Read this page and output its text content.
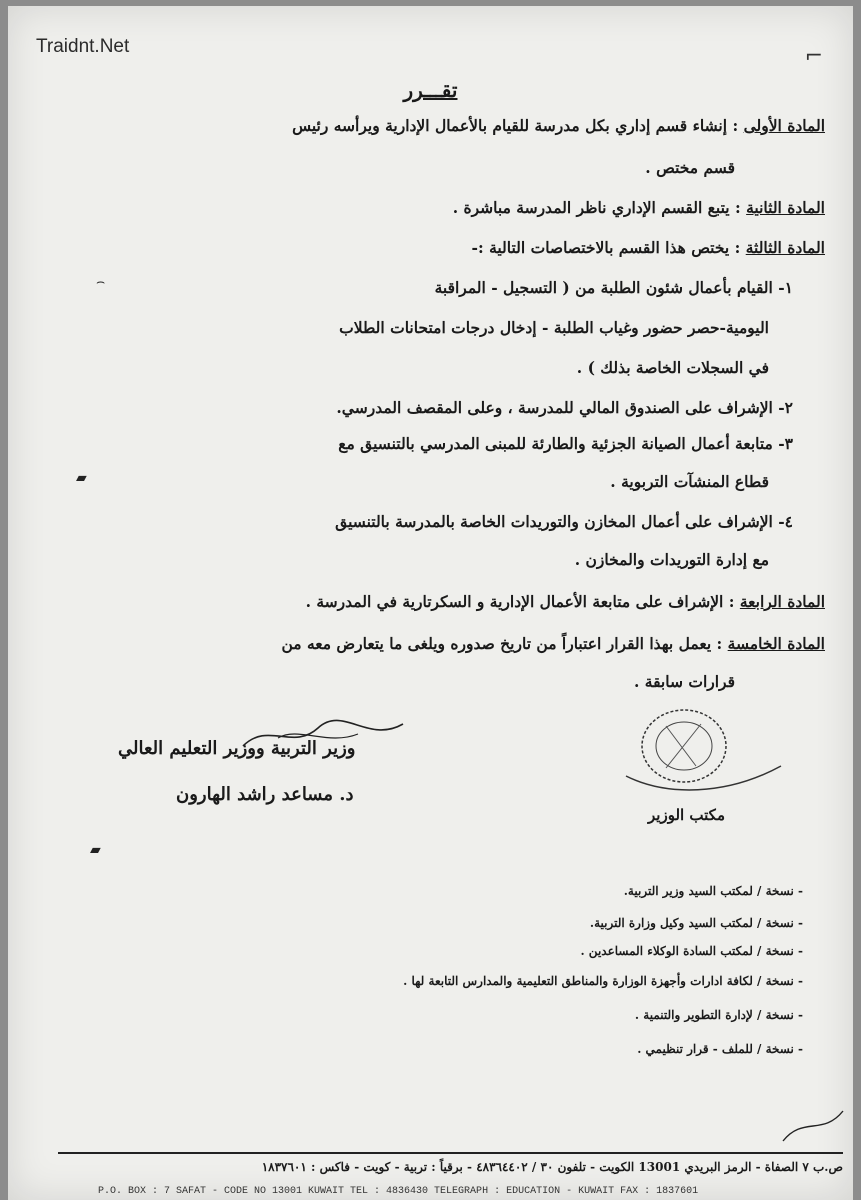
Traidnt.Net	⌐
تقـــرر
المادة الأولى : إنشاء قسم إداري بكل مدرسة للقيام بالأعمال الإدارية ويرأسه رئيس
قسم مختص .
المادة الثانية : يتبع القسم الإداري ناظر المدرسة مباشرة .
المادة الثالثة : يختص هذا القسم بالاختصاصات التالية :-
١- القيام بأعمال شئون الطلبة من ( التسجيل - المراقبة
اليومية-حصر حضور وغياب الطلبة - إدخال درجات امتحانات الطلاب
في السجلات الخاصة بذلك ) .
٢- الإشراف على الصندوق المالي للمدرسة ، وعلى المقصف المدرسي.
٣- متابعة أعمال الصيانة الجزئية والطارئة للمبنى المدرسي بالتنسيق مع
قطاع المنشآت التربوية .
٤- الإشراف على أعمال المخازن والتوريدات الخاصة بالمدرسة بالتنسيق
مع إدارة التوريدات والمخازن .
المادة الرابعة : الإشراف على متابعة الأعمال الإدارية و السكرتارية في المدرسة .
المادة الخامسة : يعمل بهذا القرار اعتباراً من تاريخ صدوره ويلغى ما يتعارض معه من
قرارات سابقة .
وزير التربية ووزير التعليم العالي
د. مساعد راشد الهارون
مكتب الوزير
- نسخة / لمكتب السيد وزير التربية.
- نسخة / لمكتب السيد وكيل وزارة التربية.
- نسخة / لمكتب السادة الوكلاء المساعدين .
- نسخة / لكافة ادارات وأجهزة الوزارة والمناطق التعليمية والمدارس التابعة لها .
- نسخة / لإدارة التطوير والتنمية .
- نسخة / للملف - قرار تنظيمي .
▰
⌢
▰
ص.ب ٧ الصفاة - الرمز البريدي 13001 الكويت - تلفون ٣٠ / ٤٨٣٦٤٤٠٢ - برقياً : تربية - كويت - فاكس : ١٨٣٧٦٠١
P.O. BOX : 7 SAFAT - CODE NO 13001 KUWAIT TEL : 4836430 TELEGRAPH : EDUCATION - KUWAIT FAX : 1837601
